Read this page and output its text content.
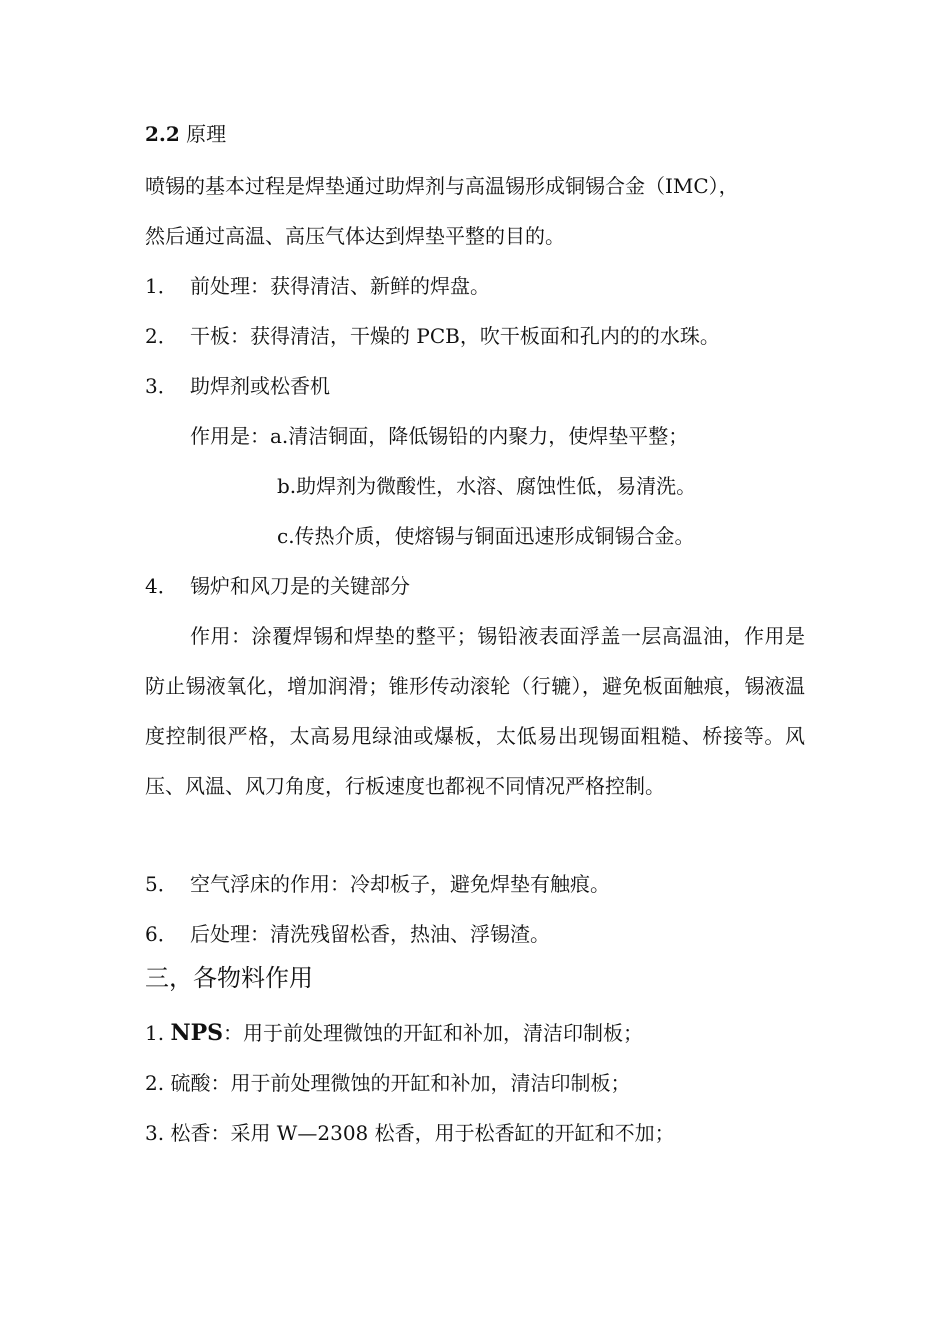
2.2 原理
喷锡的基本过程是焊垫通过助焊剂与高温锡形成铜锡合金（IMC），
然后通过高温、高压气体达到焊垫平整的目的。
1． 前处理：获得清洁、新鲜的焊盘。
2． 干板：获得清洁，干燥的 PCB，吹干板面和孔内的的水珠。
3． 助焊剂或松香机
作用是：a.清洁铜面，降低锡铅的内聚力，使焊垫平整；
b.助焊剂为微酸性，水溶、腐蚀性低，易清洗。
c.传热介质，使熔锡与铜面迅速形成铜锡合金。
4． 锡炉和风刀是的关键部分
作用：涂覆焊锡和焊垫的整平；锡铅液表面浮盖一层高温油，作用是防止锡液氧化，增加润滑；锥形传动滚轮（行辘），避免板面触痕，锡液温度控制很严格，太高易甩绿油或爆板，太低易出现锡面粗糙、桥接等。风压、风温、风刀角度，行板速度也都视不同情况严格控制。
5． 空气浮床的作用：冷却板子，避免焊垫有触痕。
6． 后处理：清洗残留松香，热油、浮锡渣。
三，各物料作用
1. NPS：用于前处理微蚀的开缸和补加，清洁印制板；
2. 硫酸：用于前处理微蚀的开缸和补加，清洁印制板；
3. 松香：采用 W—2308 松香，用于松香缸的开缸和不加；
